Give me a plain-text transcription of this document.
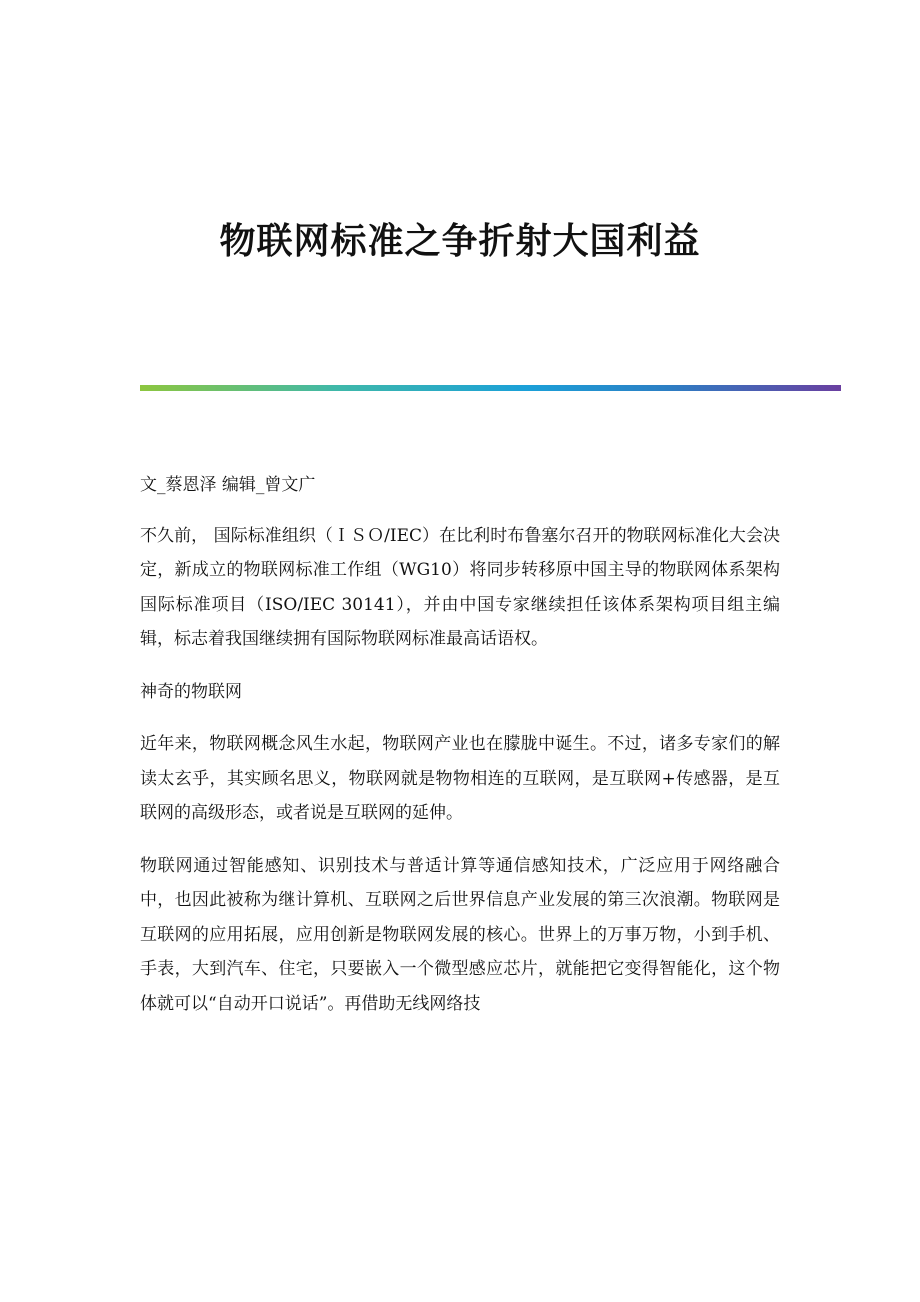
物联网标准之争折射大国利益

文_蔡恩泽 编辑_曾文广

不久前， 国际标准组织（ＩＳＯ/IEC）在比利时布鲁塞尔召开的物联网标准化大会决定，新成立的物联网标准工作组（WG10）将同步转移原中国主导的物联网体系架构国际标准项目（ISO/IEC 30141），并由中国专家继续担任该体系架构项目组主编辑，标志着我国继续拥有国际物联网标准最高话语权。

神奇的物联网

近年来，物联网概念风生水起，物联网产业也在朦胧中诞生。不过，诸多专家们的解读太玄乎，其实顾名思义，物联网就是物物相连的互联网，是互联网+传感器，是互联网的高级形态，或者说是互联网的延伸。

物联网通过智能感知、识别技术与普适计算等通信感知技术，广泛应用于网络融合中，也因此被称为继计算机、互联网之后世界信息产业发展的第三次浪潮。物联网是互联网的应用拓展，应用创新是物联网发展的核心。世界上的万事万物，小到手机、手表，大到汽车、住宅，只要嵌入一个微型感应芯片，就能把它变得智能化，这个物体就可以“自动开口说话”。再借助无线网络技
